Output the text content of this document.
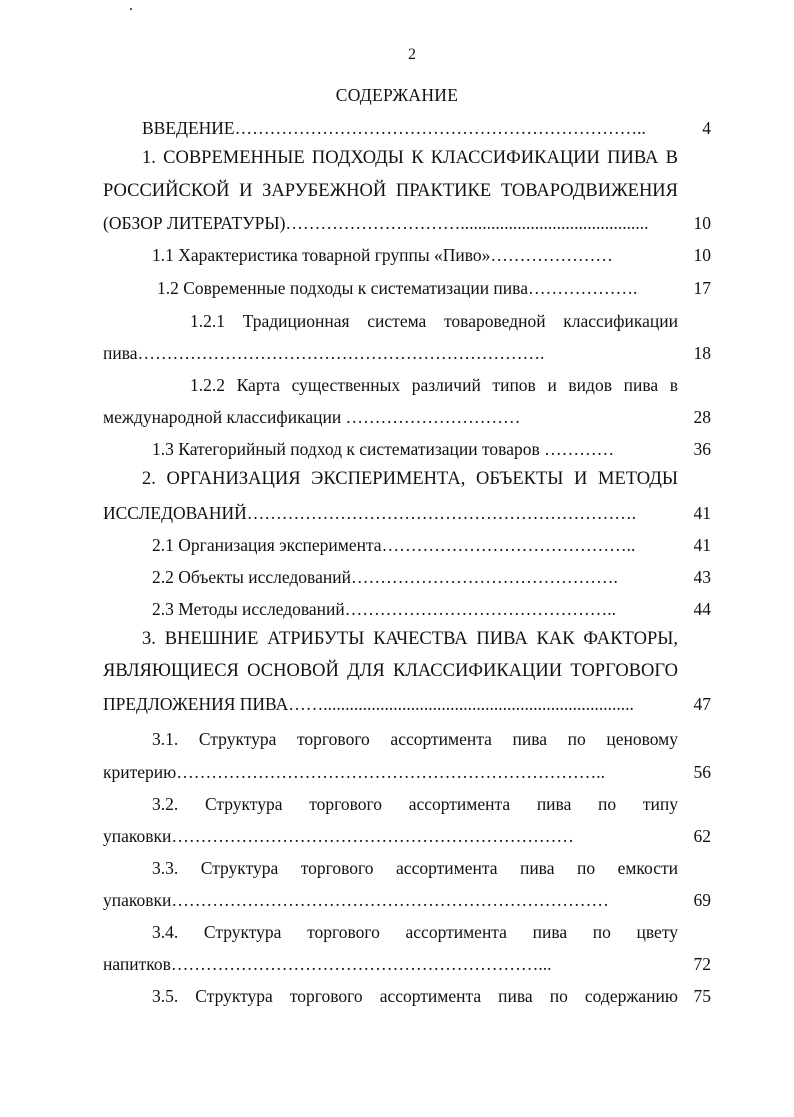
2
СОДЕРЖАНИЕ
ВВЕДЕНИЕ……………………………………………………………..	4
1. СОВРЕМЕННЫЕ ПОДХОДЫ К КЛАССИФИКАЦИИ ПИВА В
РОССИЙСКОЙ И ЗАРУБЕЖНОЙ ПРАКТИКЕ ТОВАРОДВИЖЕНИЯ
(ОБЗОР ЛИТЕРАТУРЫ)…………………………...........................................	10
1.1 Характеристика товарной группы «Пиво»…………………	10
1.2 Современные подходы к систематизации пива……………….	17
1.2.1 Традиционная система товароведной классификации
пива…………………………………………………………….	18
1.2.2 Карта существенных различий типов и видов пива в
международной классификации …………………………	28
1.3 Категорийный подход к систематизации товаров …………	36
2. ОРГАНИЗАЦИЯ ЭКСПЕРИМЕНТА, ОБЪЕКТЫ И МЕТОДЫ
ИССЛЕДОВАНИЙ………………………………………………………….	41
2.1 Организация эксперимента……………………………………..	41
2.2 Объекты исследований……………………………………….	43
2.3 Методы исследований………………………………………..	44
3. ВНЕШНИЕ АТРИБУТЫ КАЧЕСТВА ПИВА КАК ФАКТОРЫ,
ЯВЛЯЮЩИЕСЯ ОСНОВОЙ ДЛЯ КЛАССИФИКАЦИИ ТОРГОВОГО
ПРЕДЛОЖЕНИЯ ПИВА…….......................................................................	47
3.1. Структура торгового ассортимента пива по ценовому
критерию………………………………………………………………..	56
3.2. Структура торгового ассортимента пива по типу
упаковки……………………………………………………………	62
3.3. Структура торгового ассортимента пива по емкости
упаковки…………………………………………………………………	69
3.4. Структура торгового ассортимента пива по цвету
напитков………………………………………………………...	72
3.5. Структура торгового ассортимента пива по содержанию 75
